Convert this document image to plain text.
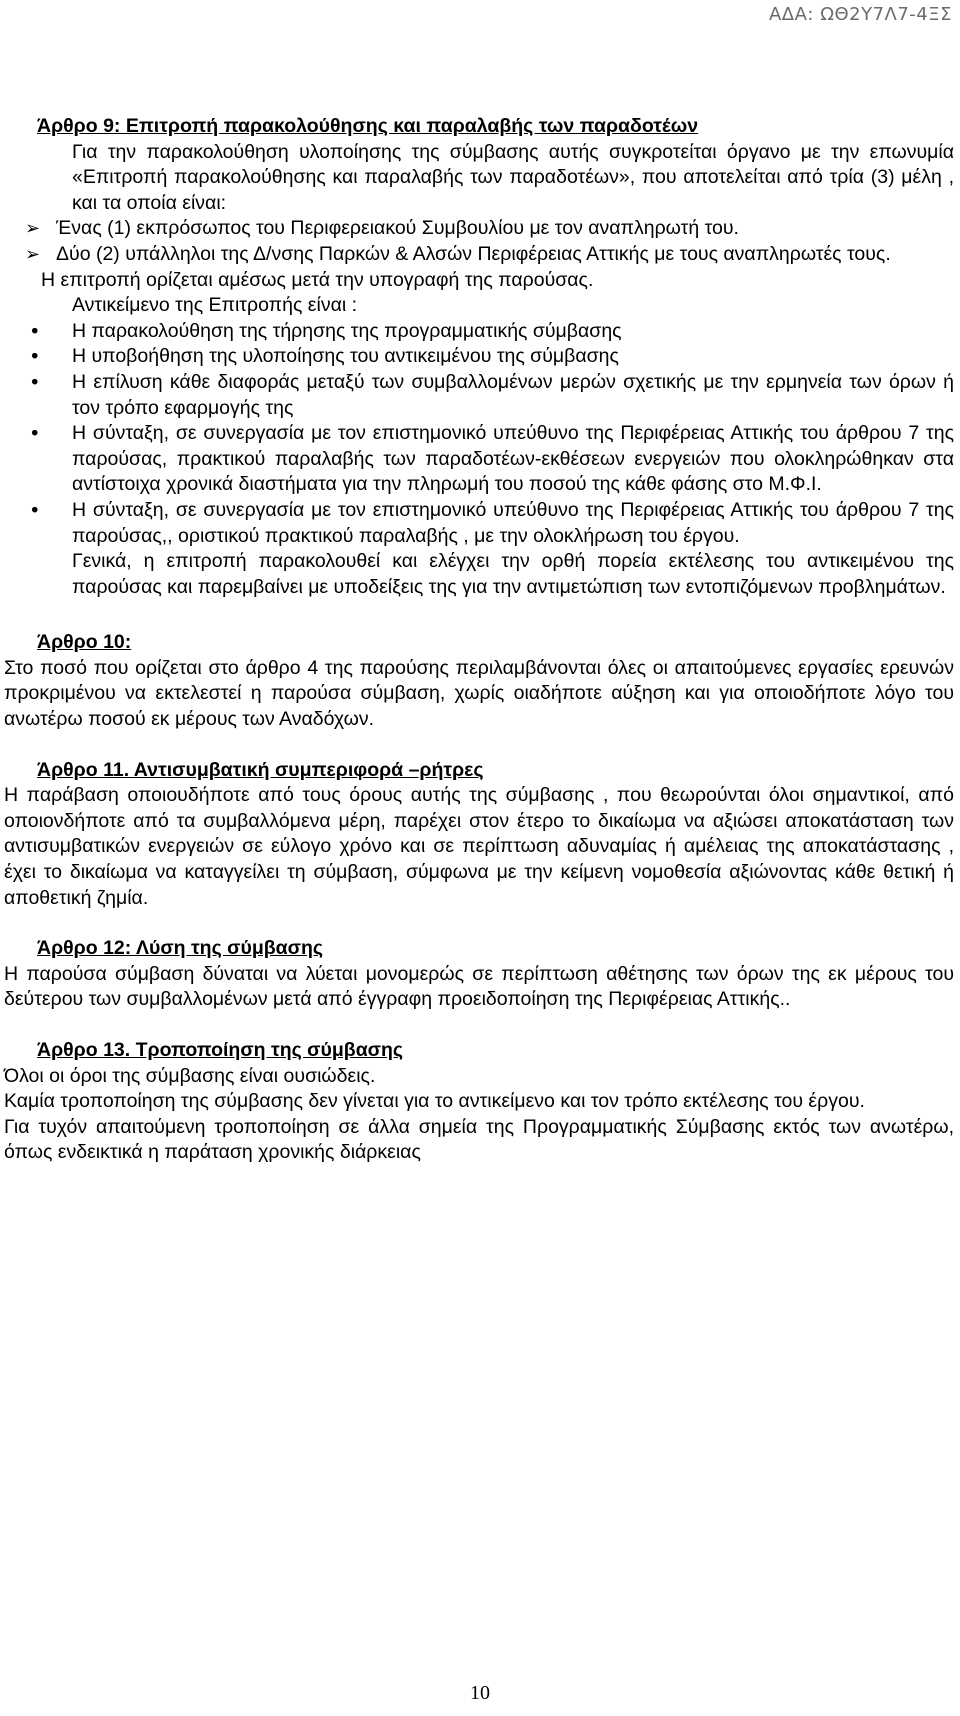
ΑΔΑ: ΩΘ2Υ7Λ7-4ΞΣ

Άρθρο 9: Επιτροπή παρακολούθησης και παραλαβής των παραδοτέων

Για την παρακολούθηση υλοποίησης της σύμβασης αυτής συγκροτείται όργανο με την επωνυμία «Επιτροπή παρακολούθησης και παραλαβής των παραδοτέων», που αποτελείται από τρία (3) μέλη , και τα οποία είναι:

➢ Ένας (1) εκπρόσωπος του Περιφερειακού Συμβουλίου με τον αναπληρωτή του.

➢ Δύο (2) υπάλληλοι της Δ/νσης Παρκών & Αλσών Περιφέρειας Αττικής με τους αναπληρωτές τους.

Η επιτροπή ορίζεται αμέσως μετά την υπογραφή της παρούσας.

Αντικείμενο της Επιτροπής είναι :

• Η παρακολούθηση της τήρησης της προγραμματικής σύμβασης

• Η υποβοήθηση της υλοποίησης του αντικειμένου της σύμβασης

• Η επίλυση κάθε διαφοράς μεταξύ των συμβαλλομένων μερών σχετικής με την ερμηνεία των όρων ή τον τρόπο εφαρμογής της

• Η σύνταξη, σε συνεργασία με τον επιστημονικό υπεύθυνο της Περιφέρειας Αττικής του άρθρου 7 της παρούσας, πρακτικού παραλαβής των παραδοτέων-εκθέσεων ενεργειών που ολοκληρώθηκαν στα αντίστοιχα χρονικά διαστήματα για την πληρωμή του ποσού της κάθε φάσης στο Μ.Φ.Ι.

• Η σύνταξη, σε συνεργασία με τον επιστημονικό υπεύθυνο της Περιφέρειας Αττικής του άρθρου 7 της παρούσας,, οριστικού πρακτικού παραλαβής , με την ολοκλήρωση του έργου.

Γενικά, η επιτροπή παρακολουθεί και ελέγχει την ορθή πορεία εκτέλεσης του αντικειμένου της παρούσας και παρεμβαίνει με υποδείξεις της για την αντιμετώπιση των εντοπιζόμενων προβλημάτων.

Άρθρο 10:

Στο ποσό που ορίζεται στο άρθρο 4 της παρούσης περιλαμβάνονται όλες οι απαιτούμενες εργασίες ερευνών προκριμένου να εκτελεστεί η παρούσα σύμβαση, χωρίς οιαδήποτε αύξηση και για οποιοδήποτε λόγο του ανωτέρω ποσού εκ μέρους των Αναδόχων.

Άρθρο 11. Αντισυμβατική συμπεριφορά –ρήτρες

Η παράβαση οποιουδήποτε από τους όρους αυτής της σύμβασης , που θεωρούνται όλοι σημαντικοί, από οποιονδήποτε από τα συμβαλλόμενα μέρη, παρέχει στον έτερο το δικαίωμα να αξιώσει αποκατάσταση των αντισυμβατικών ενεργειών σε εύλογο χρόνο και σε περίπτωση αδυναμίας ή αμέλειας της αποκατάστασης , έχει το δικαίωμα να καταγγείλει τη σύμβαση, σύμφωνα με την κείμενη νομοθεσία αξιώνοντας κάθε θετική ή αποθετική ζημία.

Άρθρο 12: Λύση της σύμβασης

Η παρούσα σύμβαση δύναται να λύεται μονομερώς σε περίπτωση αθέτησης των όρων της εκ μέρους του δεύτερου των συμβαλλομένων μετά από έγγραφη προειδοποίηση της Περιφέρειας Αττικής..

Άρθρο 13. Τροποποίηση της σύμβασης

Όλοι οι όροι της σύμβασης είναι ουσιώδεις.

Καμία τροποποίηση της σύμβασης δεν γίνεται για το αντικείμενο και τον τρόπο εκτέλεσης του έργου.

Για τυχόν απαιτούμενη τροποποίηση σε άλλα σημεία της Προγραμματικής Σύμβασης εκτός των ανωτέρω, όπως ενδεικτικά η παράταση χρονικής διάρκειας

10
